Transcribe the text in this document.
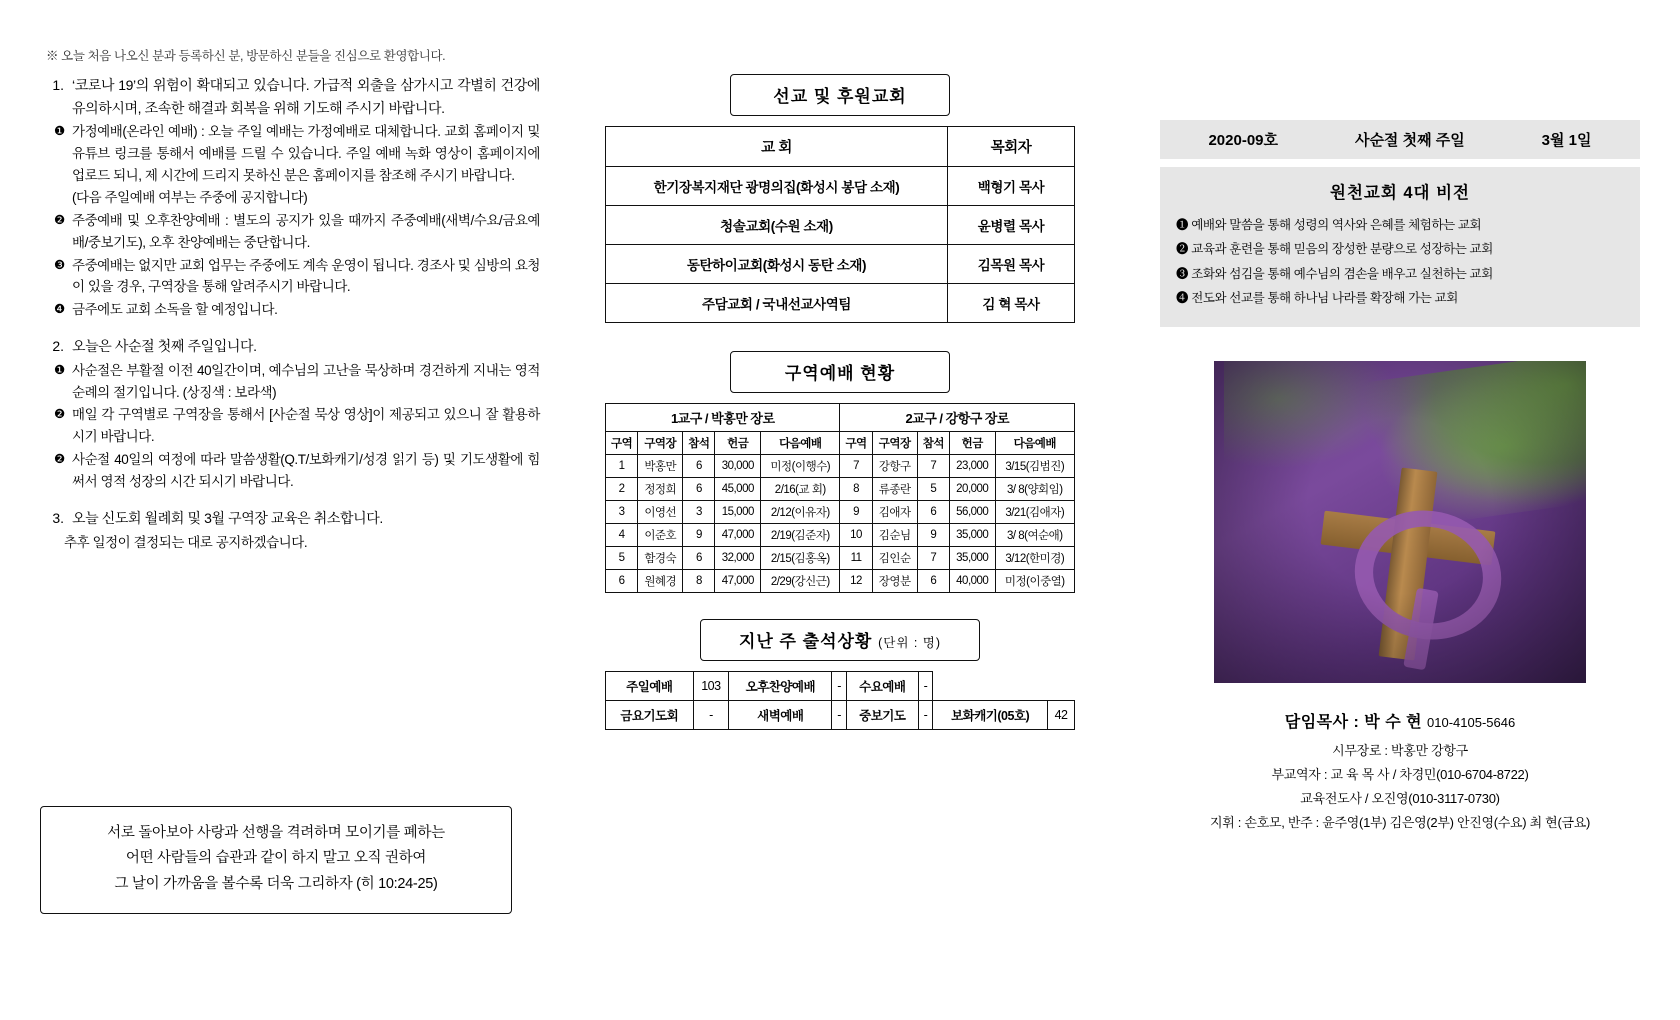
※ 오늘 처음 나오신 분과 등록하신 분, 방문하신 분들을 진심으로 환영합니다.
1. ‘코로나 19’의 위험이 확대되고 있습니다. 가급적 외출을 삼가시고 각별히 건강에 유의하시며, 조속한 해결과 회복을 위해 기도해 주시기 바랍니다.
❶ 가정예배(온라인 예배) : 오늘 주일 예배는 가정예배로 대체합니다. 교회 홈페이지 및 유튜브 링크를 통해서 예배를 드릴 수 있습니다. 주일 예배 녹화 영상이 홈페이지에 업로드 되니, 제 시간에 드리지 못하신 분은 홈페이지를 참조해 주시기 바랍니다.
(다음 주일예배 여부는 주중에 공지합니다)
❷ 주중예배 및 오후찬양예배 : 별도의 공지가 있을 때까지 주중예배(새벽/수요/금요예배/중보기도), 오후 찬양예배는 중단합니다.
❸ 주중예배는 없지만 교회 업무는 주중에도 계속 운영이 됩니다. 경조사 및 심방의 요청이 있을 경우, 구역장을 통해 알려주시기 바랍니다.
❹ 금주에도 교회 소독을 할 예정입니다.
2. 오늘은 사순절 첫째 주일입니다.
❶ 사순절은 부활절 이전 40일간이며, 예수님의 고난을 묵상하며 경건하게 지내는 영적 순례의 절기입니다. (상징색 : 보라색)
❷ 매일 각 구역별로 구역장을 통해서 [사순절 묵상 영상]이 제공되고 있으니 잘 활용하시기 바랍니다.
❷ 사순절 40일의 여정에 따라 말씀생활(Q.T/보화캐기/성경 읽기 등) 및 기도생활에 힘써서 영적 성장의 시간 되시기 바랍니다.
3. 오늘 신도회 월례회 및 3월 구역장 교육은 취소합니다.
추후 일정이 결정되는 대로 공지하겠습니다.
서로 돌아보아 사랑과 선행을 격려하며 모이기를 폐하는
어떤 사람들의 습관과 같이 하지 말고 오직 권하여
그 날이 가까움을 볼수록 더욱 그리하자 (히 10:24-25)
선교 및 후원교회
교 회	목회자
한기장복지재단 광명의집(화성시 봉담 소재)	백형기 목사
청솔교회(수원 소재)	윤병렬 목사
동탄하이교회(화성시 동탄 소재)	김목원 목사
주담교회 / 국내선교사역팀	김 혁 목사
구역예배 현황
1교구 / 박홍만 장로					2교구 / 강항구 장로				
구역	구역장	참석	헌금	다음예배	구역	구역장	참석	헌금	다음예배
1	박홍만	6	30,000	미정(이행수)	7	강항구	7	23,000	3/15(김범진)
2	정정희	6	45,000	2/16(교 회)	8	류종란	5	20,000	3/ 8(양회임)
3	이영선	3	15,000	2/12(이유자)	9	김애자	6	56,000	3/21(김애자)
4	이준호	9	47,000	2/19(김준자)	10	김순님	9	35,000	3/ 8(여순애)
5	함경숙	6	32,000	2/15(김홍옥)	11	김인순	7	35,000	3/12(한미경)
6	원혜경	8	47,000	2/29(강신근)	12	장영분	6	40,000	미정(이중열)
지난 주 출석상황 (단위 : 명)
주일예배	103	오후찬양예배	-	수요예배	-		
금요기도회	-	새벽예배	-	중보기도	-	보화캐기(05호)	42
2020-09호	사순절 첫째 주일	3월 1일
원천교회 4대 비전
❶ 예배와 말씀을 통해 성령의 역사와 은혜를 체험하는 교회
❷ 교육과 훈련을 통해 믿음의 장성한 분량으로 성장하는 교회
❸ 조화와 섬김을 통해 예수님의 겸손을 배우고 실천하는 교회
❹ 전도와 선교를 통해 하나님 나라를 확장해 가는 교회
담임목사 : 박 수 현 010-4105-5646
시무장로 : 박홍만 강항구
부교역자 : 교 육 목 사 / 차경민(010-6704-8722)
교육전도사 / 오진영(010-3117-0730)
지휘 : 손호모, 반주 : 윤주영(1부) 김은영(2부) 안진영(수요) 최 현(금요)
